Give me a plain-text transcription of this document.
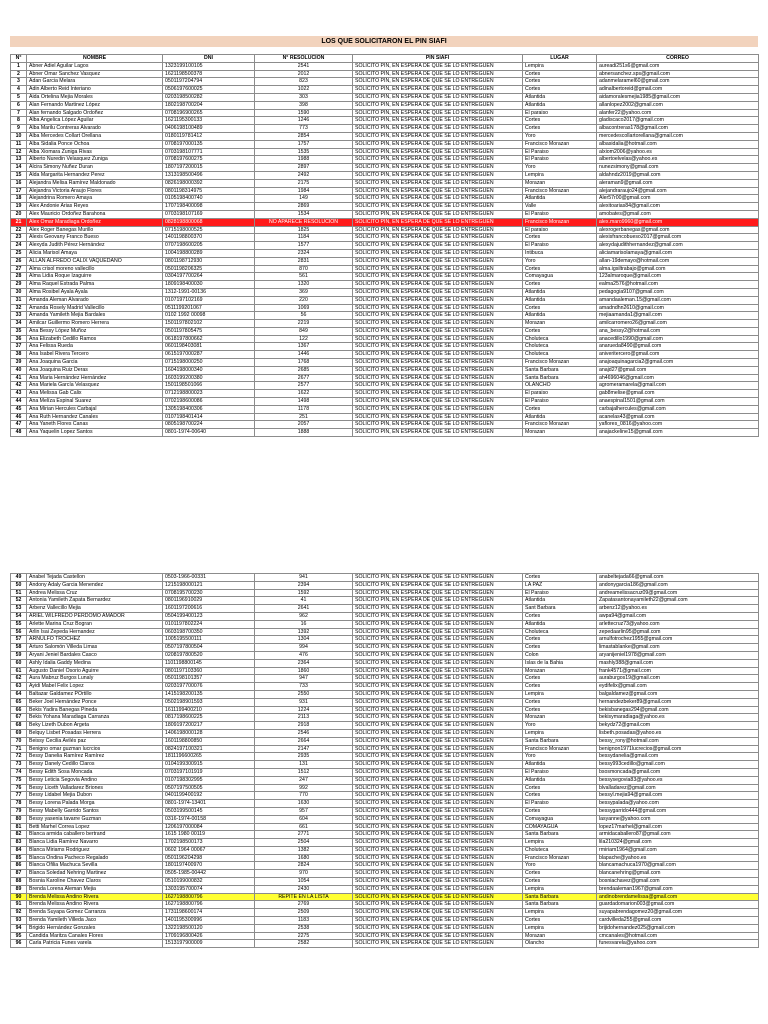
LOS QUE SOLICITARON EL PIN SIAFI
N°	NOMBRE	DNI	N° RESOLUCION	PIN SIAFI	LUGAR	CORREO
1	Abner Adiel Aguilar Lagos	1323199100105	2541	SOLICITO PIN, EN ESPERA DE QUE SE LO ENTREGUEN	Lempira	aureadi251s6@gmail.com
2	Abner Omar Sanchez Vasquez	1621198500378	2012	SOLICITO PIN, EN ESPERA DE QUE SE LO ENTREGUEN	Cortes	abnersanchez.sps@gmail.com
3	Adan Garcia Melara	0501197204794	823	SOLICITO PIN, EN ESPERA DE QUE SE LO ENTREGUEN	Cortes	adanmelaramel60@gmail.com
4	Adin Alberto Reid Interiano	0506197600025	1022	SOLICITO PIN, EN ESPERA DE QUE SE LO ENTREGUEN	Cortes	adinalbertoreid@gmail.com
5	Aida Ortelina Mejia Morales	0203198500282	303	SOLICITO PIN, EN ESPERA DE QUE SE LO ENTREGUEN	Atlantida	aidamoralesmejia1985@gmail.com
6	Alan Fernando Martinez López	1802198700204	398	SOLICITO PIN, EN ESPERA DE QUE SE LO ENTREGUEN	Atlantida	allanlopez2002@gmail.com
7	Alan fernando Salgado Ordoñez	0708196900265	1590	SOLICITO PIN, EN ESPERA DE QUE SE LO ENTREGUEN	El paraiso	alanfer22@yahoo.com
8	Alba Angelica López Aguilar	1621195300133	1246	SOLICITO PIN, EN ESPERA DE QUE SE LO ENTREGUEN	Cortes	gladiscaco2017@gmail.com
9	Alba Marilu Contreras Alvarado	0406198100489	773	SOLICITO PIN, EN ESPERA DE QUE SE LO ENTREGUEN	Cortes	albacontreras178@gmail.com
10	Alba Mercedes Collart Orellana	0180119781412	2854	SOLICITO PIN, EN ESPERA DE QUE SE LO ENTREGUEN	Yoro	mercedescollartorellana@gmail.com
11	Alba Sidalia Ponce Ochoa	0708197000135	1757	SOLICITO PIN, EN ESPERA DE QUE SE LO ENTREGUEN	Francisco Morazan	albasidalia@hotmail.com
12	Alba Xiomara Zuniga Rivas	0703198107771	1535	SOLICITO PIN, EN ESPERA DE QUE SE LO ENTREGUEN	El Paraiso	alxiom2006@yahoo.es
13	Alberto Nuredin Velasquez Zuniga	0708197600275	1988	SOLICITO PIN, EN ESPERA DE QUE SE LO ENTREGUEN	El Paraiso	albertoelvelas@yahoo.es
14	Alcira Simony Nuñez Duran	1807197200015	2897	SOLICITO PIN, EN ESPERA DE QUE SE LO ENTREGUEN	Yoro	nunezsimony@gmail.com
15	Alda Margarita Hernandez Perez	1313198500496	2492	SOLICITO PIN, EN ESPERA DE QUE SE LO ENTREGUEN	Lempira	aldahndz2019@gmail.com
16	Alejandra Melisa Ramírez Maldonado	0826198000392	2175	SOLICITO PIN, EN ESPERA DE QUE SE LO ENTREGUEN	Morazan	aleraman9@gmail.com
17	Alejandra Victoria Araujo Flores	0801198314975	1984	SOLICITO PIN, EN ESPERA DE QUE SE LO ENTREGUEN	Francisco Morazan	alejandraraujo24@gmail.com
18	Alejandrina Romero Amaya	0105198400740	149	SOLICITO PIN, EN ESPERA DE QUE SE LO ENTREGUEN	Atlantida	Aler57r00@gmail.com
19	Alex Andonie Arias Reyes	1707198400098	2869	SOLICITO PIN, EN ESPERA DE QUE SE LO ENTREGUEN	Valle	alexitoarias84@gmail.com
20	Alex Mauricio Ordoñez Barahona	0703198107169	1534	SOLICITO PIN, EN ESPERA DE QUE SE LO ENTREGUEN	El Paraiso	amobates@gmail.com
21	Alex Omar Maradiaga Ordoñez	0828198800068	NO APARECE RESOLUCION	SOLICITO PIN, EN ESPERA DE QUE SE LO ENTREGUEN	Francisco Morazan	alex.maro9960@gmail.com
22	Alex Roger Banegas Murillo	0715198000525	1825	SOLICITO PIN, EN ESPERA DE QUE SE LO ENTREGUEN	El paraiso	alexrogerbanegas@gmail.com
23	Alexis Geovany Franco Bueso	1401198800370	1184	SOLICITO PIN, EN ESPERA DE QUE SE LO ENTREGUEN	Cortes	alexisfrancobueso2017@gmail.com
24	Alexyda Judith Pérez Hernández	0707198600205	1577	SOLICITO PIN, EN ESPERA DE QUE SE LO ENTREGUEN	El Paraiso	alexydajudithhernandez@gmail.com
25	Alicia Marisol Amaya	1004198800289	2324	SOLICITO PIN, EN ESPERA DE QUE SE LO ENTREGUEN	Intibuca	aliciamarisolamaya@gmail.com
26	ALLAN ALFREDO CALIX VAQUEDANO	0801198712930	2831	SOLICITO PIN, EN ESPERA DE QUE SE LO ENTREGUEN	Yoro	allan-19demayo@hotmail.com
27	Alma crisol moreno vallecillo	0501198206325	870	SOLICITO PIN, EN ESPERA DE QUE SE LO ENTREGUEN	Cortes	alma.igsiltrabajo@gmail.com
28	Alma Lidia Roque Izaguirre	0304197700264	561	SOLICITO PIN, EN ESPERA DE QUE SE LO ENTREGUEN	Comayagua	123almaroque@gmail.com
29	Alma Raquel Estrada Palma	1809198400030	1320	SOLICITO PIN, EN ESPERA DE QUE SE LO ENTREGUEN	Cortes	ealma2576@hotmail.com
30	Alma Rosibel Ayala Ayala	1312-1991-00136	369	SOLICITO PIN, EN ESPERA DE QUE SE LO ENTREGUEN	Atlantida	pedagogia9107@gmail.com
31	Amanda Aleman Alvarado	0107197102169	220	SOLICITO PIN, EN ESPERA DE QUE SE LO ENTREGUEN	Atlantida	amandaaleman.15@gmail.com
32	Amanda Rosely Madrid Vallecillo	0511199201067	1069	SOLICITO PIN, EN ESPERA DE QUE SE LO ENTREGUEN	Cortes	amadndhn2610@gmail.com
33	Amanda Yamileth Mejia Bardales	0102 1992 00098	56	SOLICITO PIN, EN ESPERA DE QUE SE LO ENTREGUEN	Atlantida	mejiaamanda1@gmail.com
34	Amilcar Guillermo Romero Herrera	1501197802102	2219	SOLICITO PIN, EN ESPERA DE QUE SE LO ENTREGUEN	Morazan	amilcarromero26@gmail.com
35	Ana Bessy López Muñoz	0501197805475	849	SOLICITO PIN, EN ESPERA DE QUE SE LO ENTREGUEN	Cortes	ana_bessy2@hotmail.com
36	Ana Elizabeth Cedillo Ramos	0618197800662	122	SOLICITO PIN, EN ESPERA DE QUE SE LO ENTREGUEN	Choluteca	anacedillo1990@gmail.com
37	Ana Felissa Rueda	0601198403081	1367	SOLICITO PIN, EN ESPERA DE QUE SE LO ENTREGUEN	Choluteca	anarueda8490@gmail.com
38	Ana Isabel Rivera Tercero	0615197000287	1446	SOLICITO PIN, EN ESPERA DE QUE SE LO ENTREGUEN	Choluteca	aniveritercero@gmail.com
39	Ana Joaquina Garcia	0715198000250	1768	SOLICITO PIN, EN ESPERA DE QUE SE LO ENTREGUEN	Francisco Morazan	anajoaquinagarcia2@gmail.com
40	Ana Joaquina Ruiz Deras	1604198000340	2685	SOLICITO PIN, EN ESPERA DE QUE SE LO ENTREGUEN	Santa Barbara	anajd27@gmail.com
41	Ana Maria Hernández Hernández	1603199200380	2677	SOLICITO PIN, EN ESPERA DE QUE SE LO ENTREGUEN	Santa Barbara	ah4696046@gmail.com
42	Ana Mariela García Velasquez	1501198501066	2577	SOLICITO PIN, EN ESPERA DE QUE SE LO ENTREGUEN	OLANCHO	agromeramarela@gmail.com
43	Ana Melissa Gab Calix	0712198800023	1622	SOLICITO PIN, EN ESPERA DE QUE SE LO ENTREGUEN	El paraiso	gab8melise@gmail.com
44	Ana Melíza Espinal Suarez	0702198600086	1498	SOLICITO PIN, EN ESPERA DE QUE SE LO ENTREGUEN	El Paraiso	anaespinal1501@gmail.com
45	Ana Mirian Hercules Carbajal	1305198400306	1178	SOLICITO PIN, EN ESPERA DE QUE SE LO ENTREGUEN	Cortes	carbajalhercules@gmail.com
46	Ana Ruth Hernandez Canales	0107198401414	251	SOLICITO PIN, EN ESPERA DE QUE SE LO ENTREGUEN	Atlantida	acanelas43@gmail.com
47	Ana Yaneth Flores Canas	0805198700224	2057	SOLICITO PIN, EN ESPERA DE QUE SE LO ENTREGUEN	Francisco Morazan	yaflores_0816@yahoo.com
48	Ana Yaquelin Lopez Santos	0801-1974-00640	1888	SOLICITO PIN, EN ESPERA DE QUE SE LO ENTREGUEN	Morazan	anajackeline15@gmail.com
49	Anabel Tejada Castellon	0503-1966-00331	941	SOLICITO PIN, EN ESPERA DE QUE SE LO ENTREGUEN	Cortes	anabeltejada66@gmail.com
50	Andony Adaly Garcia Menendez	1215198000121	2394	SOLICITO PIN, EN ESPERA DE QUE SE LO ENTREGUEN	LA PAZ	andonygarcia186@gmail.com
51	Andrea Melissa Cruz	0708195700230	1592	SOLICITO PIN, EN ESPERA DE QUE SE LO ENTREGUEN	El Paraiso	andreamelissacruz09@gmail.com
52	Antonia Yamileth Zapata Bernardez	0801196910029	41	SOLICITO PIN, EN ESPERA DE QUE SE LO ENTREGUEN	Atlantida	Zapatasantonayamileth22@gmail.com
53	Arbenz Vallecillo Mejia	1601197200616	2641	SOLICITO PIN, EN ESPERA DE QUE SE LO ENTREGUEN	Sant Barbara	arbenz12@yahoo.es
54	ARIEL WILFREDO PERDOMO AMADOR	0504199400123	962	SOLICITO PIN, EN ESPERA DE QUE SE LO ENTREGUEN	Cortes	awpa94@gmail.com
55	Arlette Marina Cruz Bogran	0101197802224	16	SOLICITO PIN, EN ESPERA DE QUE SE LO ENTREGUEN	Atlantida	arlettecruz73@yahoo.com
56	Arlin Isai Zepeda Hernandez	0603198700350	1392	SOLICITO PIN, EN ESPERA DE QUE SE LO ENTREGUEN	Choluteca	zepedaarlin95@gmail.com
57	ARNULFO TROCHEZ	1005195500111	1304	SOLICITO PIN, EN ESPERA DE QUE SE LO ENTREGUEN	Cortes	arnulfotrochez1955@gmail.com
58	Arturo Salomón Villeda Limas	0507197800504	994	SOLICITO PIN, EN ESPERA DE QUE SE LO ENTREGUEN	Cortes	limastablanke@gmail.com
59	Aryani Jeniel Bardales Casco	0208197800520	476	SOLICITO PIN, EN ESPERA DE QUE SE LO ENTREGUEN	Colon	aryanijeniel1978@gmail.com
60	Ashly Idalia Gaddy Medina	1101198800145	2364	SOLICITO PIN, EN ESPERA DE QUE SE LO ENTREGUEN	Islas de la Bahia	mashly388@gmail.com
61	Augusto Daniel Osorio Aguirre	0801197103360	1860	SOLICITO PIN, EN ESPERA DE QUE SE LO ENTREGUEN	Morazan	frank4571@gmail.com
62	Aura Mabruz Burgos Lunaly	0501198101357	947	SOLICITO PIN, EN ESPERA DE QUE SE LO ENTREGUEN	Cortes	auraburgos19@gmail.com
63	Ayidi Mabel Felix Lopez	0203197700076	733	SOLICITO PIN, EN ESPERA DE QUE SE LO ENTREGUEN	Cortes	eydifelix@gmail.com
64	Baltazar Galdamez POrtillo	1415198200135	2550	SOLICITO PIN, EN ESPERA DE QUE SE LO ENTREGUEN	Lempira	balgaldamez@gmail.com
65	Beker Joel Hernández Ponce	0502198901593	931	SOLICITO PIN, EN ESPERA DE QUE SE LO ENTREGUEN	Cortes	hernandezbeker89@gmail.com
66	Bekis Yadira Banegas Pineda	1611199400210	1224	SOLICITO PIN, EN ESPERA DE QUE SE LO ENTREGUEN	Cortes	bekisbanegas294@gmail.com
67	Bekis Yohana Maradiaga Carranza	0817198600225	2113	SOLICITO PIN, EN ESPERA DE QUE SE LO ENTREGUEN	Morazan	bekisymaradiaga@yahoo.es
68	Beky Lizeth Dubon Argeta	1809197200217	2918	SOLICITO PIN, EN ESPERA DE QUE SE LO ENTREGUEN	Yoro	bekydz72@gmail.com
69	Belquy Lisbet Posadas Herrera	1406198000128	2546	SOLICITO PIN, EN ESPERA DE QUE SE LO ENTREGUEN	Lempira	lisbeth.posadas@yahoo.es
70	Beissy Cecilia Avilés paz	1601198800850	2664	SOLICITO PIN, EN ESPERA DE QUE SE LO ENTREGUEN	Santa Barbara	bessy_rony@hotmail.com
71	Benigno omar guzman lucrcios	0824197100321	2147	SOLICITO PIN, EN ESPERA DE QUE SE LO ENTREGUEN	Francisco Morazan	benignon1971lucrecios@gmail.com
72	Bessy Danelia Ramírez Ramírez	1811196600265	2935	SOLICITO PIN, EN ESPERA DE QUE SE LO ENTREGUEN	Yoro	bessydanelia@gmail.com
73	Bessy Danely Cedillo Claros	0104199300915	131	SOLICITO PIN, EN ESPERA DE QUE SE LO ENTREGUEN	Atlantida	bessy993cedillo@gmail.com
74	Bessy Edith Sosa Moncada	0703197101919	1512	SOLICITO PIN, EN ESPERA DE QUE SE LO ENTREGUEN	El Paraiso	bsosmoncada@gmail.com
75	Bessy Leticia Segovia Andino	0107198302995	247	SOLICITO PIN, EN ESPERA DE QUE SE LO ENTREGUEN	Atlantida	bessysegovia83@yahoo.es
76	Bessy Liceth Valladarez Briones	0507197500505	992	SOLICITO PIN, EN ESPERA DE QUE SE LO ENTREGUEN	Cortes	blvalladarez@gmail.com
77	Bessy Lidabel Mejia Dubon	0401199400192	770	SOLICITO PIN, EN ESPERA DE QUE SE LO ENTREGUEN	Cortes	bessyl.mejia94@gmail.com
78	Bessy Lorena Palada Morga	0801-1974-13401	1630	SOLICITO PIN, EN ESPERA DE QUE SE LO ENTREGUEN	El Paraiso	bessypalada@yahoo.com
79	Bessy Mabelly Garrido Santos	0503199500145	957	SOLICITO PIN, EN ESPERA DE QUE SE LO ENTREGUEN	Cortes	bessygarrido444@gmail.com
80	Bessy yasenia tavarre Guzman	0316-1974-00158	604	SOLICITO PIN, EN ESPERA DE QUE SE LO ENTREGUEN	Comayagua	lasyanne@yahoo.com
81	Betti Marhel Correa Lopez	1206197000084	661	SOLICITO PIN, EN ESPERA DE QUE SE LO ENTREGUEN	COMAYAGUA	lopez17marhel@gmail.com
82	Blanca armida caballero bertrand	1615 1980 00119	2771	SOLICITO PIN, EN ESPERA DE QUE SE LO ENTREGUEN	Santa Barbara	armidacaballero87@gmail.com
83	Blanca Lidia Ramírez Navarro	1702198500173	2504	SOLICITO PIN, EN ESPERA DE QUE SE LO ENTREGUEN	Lempira	lila210324@gmail.com
84	Blanca Miriams Rodriguez	0602 1964 00067	1382	SOLICITO PIN, EN ESPERA DE QUE SE LO ENTREGUEN	Choluteca	rmiriam1964@gmail.com
85	Blanca Ondina Pacheco Regalado	0501196204298	1680	SOLICITO PIN, EN ESPERA DE QUE SE LO ENTREGUEN	Francisco Morazan	blapache@yahoo.es
86	Blanca Ofilia Machuca Sevilla	1801197400970	2824	SOLICITO PIN, EN ESPERA DE QUE SE LO ENTREGUEN	Yoro	blancamachuca1970@gmail.com
87	Blanca Soledad Nehring Martinez	0505-1985-00442	970	SOLICITO PIN, EN ESPERA DE QUE SE LO ENTREGUEN	Cortes	blancanehring@gmail.com
88	Bosnia Karoline Chavez Claros	0510199000832	1054	SOLICITO PIN, EN ESPERA DE QUE SE LO ENTREGUEN	Cortes	bosniachavez@gmail.com
89	Brenda Lorena Aleman Mejia	1303195700074	2430	SOLICITO PIN, EN ESPERA DE QUE SE LO ENTREGUEN	Lempira	brendaaleman1967@gmail.com
90	Brenda Melissa Andino Rivera	1627198800796	REPITE EN LA LISTA	SOLICITO PIN, EN ESPERA DE QUE SE LO ENTREGUEN	Santa Barbara	andinobrendamelissa@gmail.com
91	Brenda Melissa Andino Rivera	1627198800796	2769	SOLICITO PIN, EN ESPERA DE QUE SE LO ENTREGUEN	Santa Barbara	guardadomarion003@gmail.com
92	Brenda Suyapa Gomez Carranza	1731198600174	2509	SOLICITO PIN, EN ESPERA DE QUE SE LO ENTREGUEN	Lempira	suyapabrendagomez20@gmail.com
93	Brenda Yamileth Villeda Jaco	1401195300996	1183	SOLICITO PIN, EN ESPERA DE QUE SE LO ENTREGUEN	Cortes	cardvilleda255@gmail.com
94	Brigido Hernández Gonzales	1322198500120	2538	SOLICITO PIN, EN ESPERA DE QUE SE LO ENTREGUEN	Lempira	brijidohernandez025@gmail.com
95	Candida Maritza Canales Flores	1709196800426	2275	SOLICITO PIN, EN ESPERA DE QUE SE LO ENTREGUEN	Morazan	cmcanales@hotmail.com
96	Carla Patricia Funes varela	1513197900009	2582	SOLICITO PIN, EN ESPERA DE QUE SE LO ENTREGUEN	Olancho	funesvarela@yahoo.com
